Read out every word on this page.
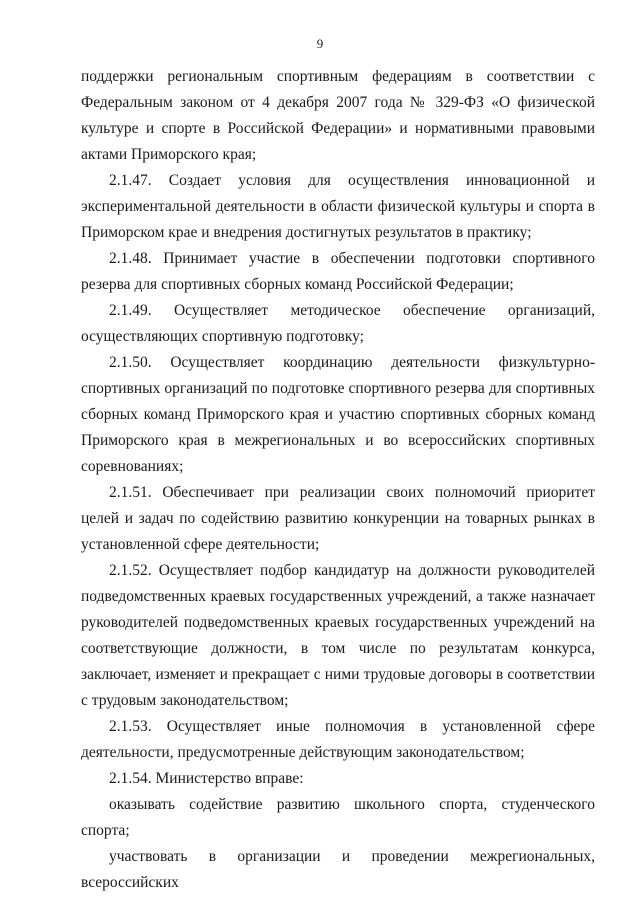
9

поддержки региональным спортивным федерациям в соответствии с Федеральным законом от 4 декабря 2007 года № 329-ФЗ «О физической культуре и спорте в Российской Федерации» и нормативными правовыми актами Приморского края;

2.1.47. Создает условия для осуществления инновационной и экспериментальной деятельности в области физической культуры и спорта в Приморском крае и внедрения достигнутых результатов в практику;

2.1.48. Принимает участие в обеспечении подготовки спортивного резерва для спортивных сборных команд Российской Федерации;

2.1.49. Осуществляет методическое обеспечение организаций, осуществляющих спортивную подготовку;

2.1.50. Осуществляет координацию деятельности физкультурно-спортивных организаций по подготовке спортивного резерва для спортивных сборных команд Приморского края и участию спортивных сборных команд Приморского края в межрегиональных и во всероссийских спортивных соревнованиях;

2.1.51. Обеспечивает при реализации своих полномочий приоритет целей и задач по содействию развитию конкуренции на товарных рынках в установленной сфере деятельности;

2.1.52. Осуществляет подбор кандидатур на должности руководителей подведомственных краевых государственных учреждений, а также назначает руководителей подведомственных краевых государственных учреждений на соответствующие должности, в том числе по результатам конкурса, заключает, изменяет и прекращает с ними трудовые договоры в соответствии с трудовым законодательством;

2.1.53. Осуществляет иные полномочия в установленной сфере деятельности, предусмотренные действующим законодательством;

2.1.54. Министерство вправе:

оказывать содействие развитию школьного спорта, студенческого спорта;

участвовать в организации и проведении межрегиональных, всероссийских
